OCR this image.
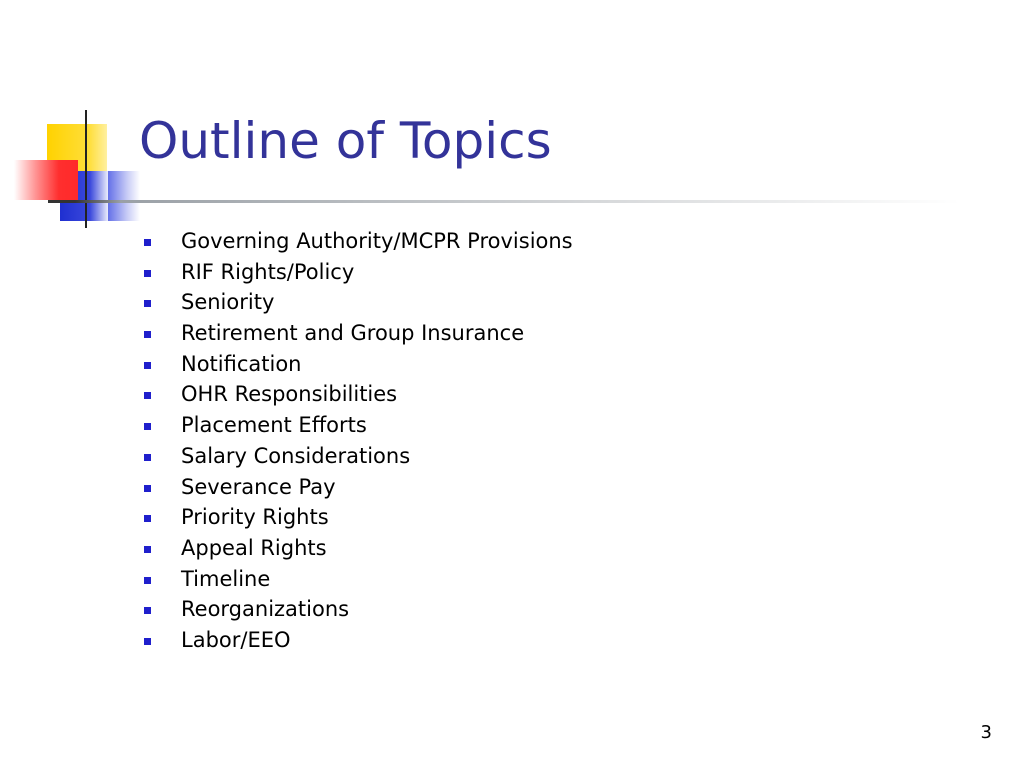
Outline of Topics
Governing Authority/MCPR Provisions
RIF Rights/Policy
Seniority
Retirement and Group Insurance
Notification
OHR Responsibilities
Placement Efforts
Salary Considerations
Severance Pay
Priority Rights
Appeal Rights
Timeline
Reorganizations
Labor/EEO
3
